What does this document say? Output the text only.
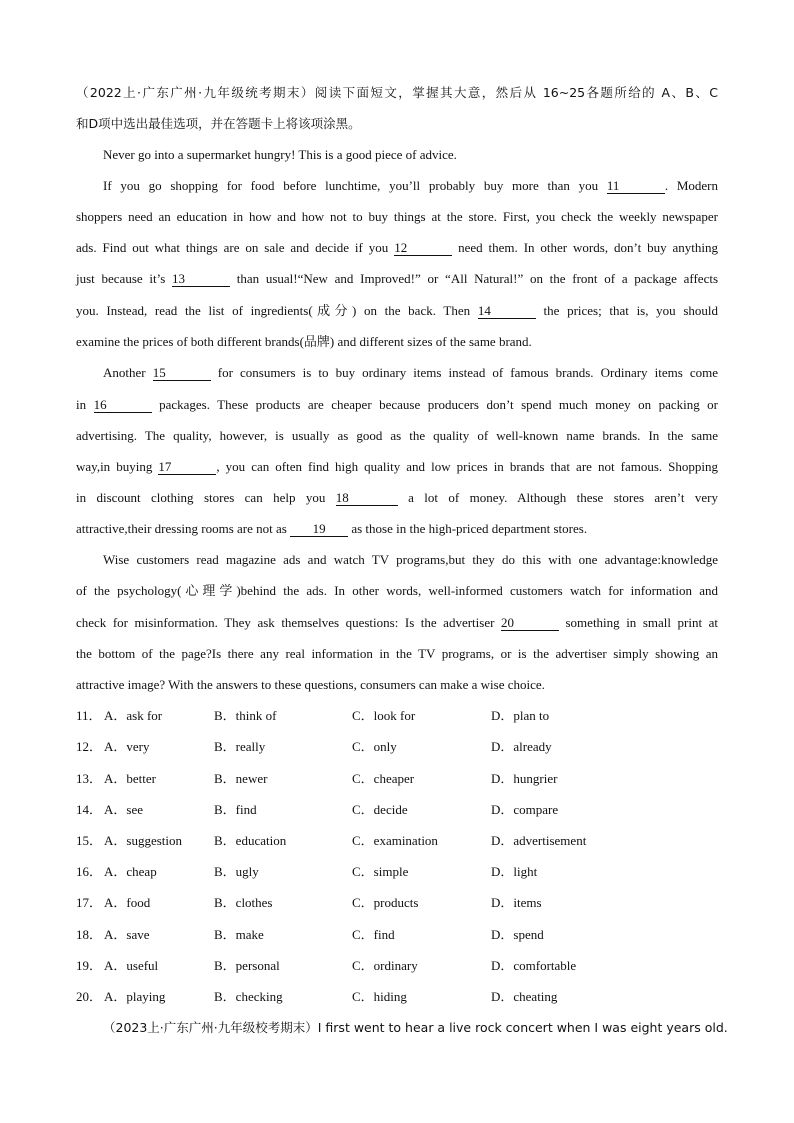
（2022上·广东广州·九年级统考期末）阅读下面短文，掌握其大意，然后从 16~25各题所给的 A、B、C
和D项中选出最佳选项，并在答题卡上将该项涂黑。
Never go into a supermarket hungry! This is a good piece of advice.
If you go shopping for food before lunchtime, you’ll probably buy more than you 11	. Modern
shoppers need an education in how and how not to buy things at the store. First, you check the weekly newspaper
ads. Find out what things are on sale and decide if you 12	need them. In other words, don’t buy anything
just because it’s 13	than usual!“New and Improved!” or “All Natural!” on the front of a package affects
you. Instead, read the list of ingredients(成分) on the back. Then 14	the prices; that is, you should
examine the prices of both different brands(品牌) and different sizes of the same brand.
Another 15	for consumers is to buy ordinary items instead of famous brands. Ordinary items come
in 16	packages. These products are cheaper because producers don’t spend much money on packing or
advertising. The quality, however, is usually as good as the quality of well-known name brands. In the same
way,in buying 17	, you can often find high quality and low prices in brands that are not famous. Shopping
in discount clothing stores can help you 18	a lot of money. Although these stores aren’t very
attractive,their dressing rooms are not as 19 as those in the high-priced department stores.
Wise customers read magazine ads and watch TV programs,but they do this with one advantage:knowledge
of the psychology(心理学)behind the ads. In other words, well-informed customers watch for information and
check for misinformation. They ask themselves questions: Is the advertiser 20	something in small print at
the bottom of the page?Is there any real information in the TV programs, or is the advertiser simply showing an
attractive image? With the answers to these questions, consumers can make a wise choice.
11． A．ask for	B．think of	C．look for	D．plan to
12． A．very	B．really	C．only	D．already
13． A．better	B．newer	C．cheaper	D．hungrier
14． A．see	B．find	C．decide	D．compare
15． A．suggestion B．education	C．examination	D．advertisement
16． A．cheap	B．ugly	C．simple	D．light
17． A．food	B．clothes	C．products	D．items
18． A．save	B．make	C．find	D．spend
19． A．useful	B．personal	C．ordinary	D．comfortable
20． A．playing	B．checking	C．hiding	D．cheating
（2023上·广东广州·九年级校考期末）I first went to hear a live rock concert when I was eight years old.
